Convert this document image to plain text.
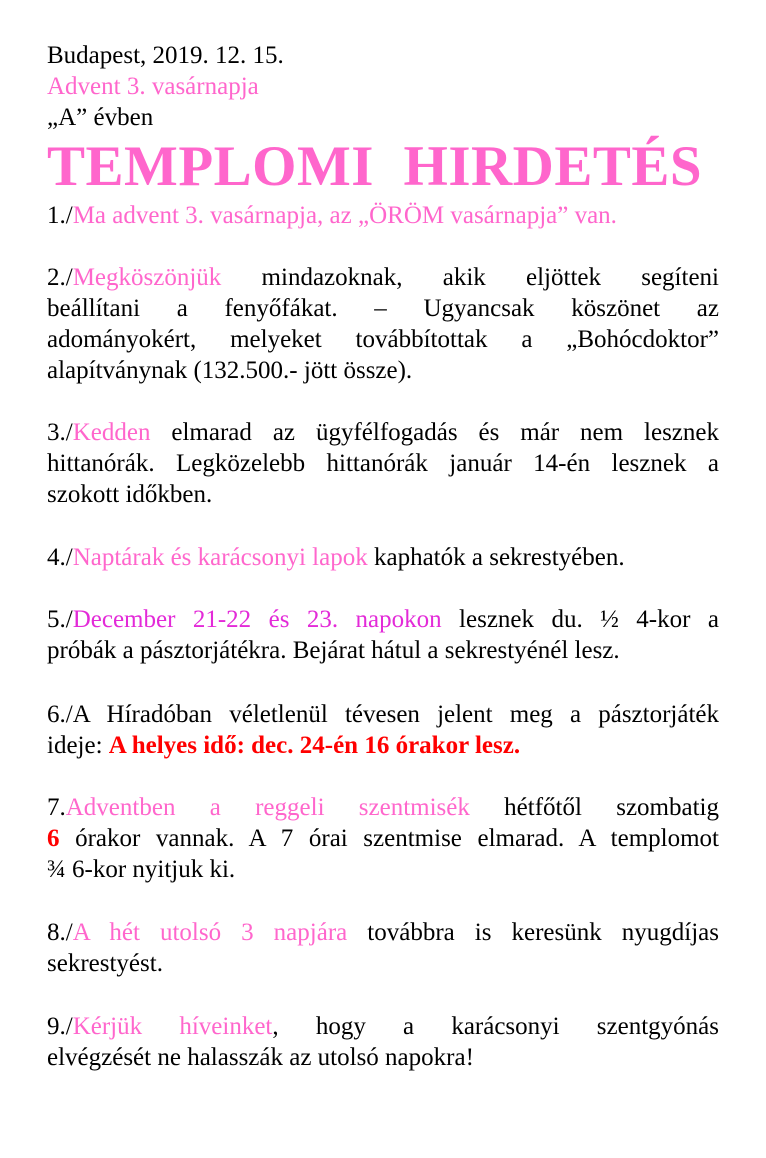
Budapest, 2019. 12. 15.
Advent 3. vasárnapja
„A” évben
TEMPLOMI HIRDETÉS
1./Ma advent 3. vasárnapja, az „ÖRÖM vasárnapja” van.
2./Megköszönjük mindazoknak, akik eljöttek segíteni
beállítani a fenyőfákat. – Ugyancsak köszönet az
adományokért, melyeket továbbítottak a „Bohócdoktor”
alapítványnak (132.500.- jött össze).
3./Kedden elmarad az ügyfélfogadás és már nem lesznek
hittanórák. Legközelebb hittanórák január 14-én lesznek a
szokott időkben.
4./Naptárak és karácsonyi lapok kaphatók a sekrestyében.
5./December 21-22 és 23. napokon lesznek du. ½ 4-kor a
próbák a pásztorjátékra. Bejárat hátul a sekrestyénél lesz.
6./A Híradóban véletlenül tévesen jelent meg a pásztorjáték
ideje: A helyes idő: dec. 24-én 16 órakor lesz.
7.Adventben a reggeli szentmisék hétfőtől szombatig
6 órakor vannak. A 7 órai szentmise elmarad. A templomot
¾ 6-kor nyitjuk ki.
8./A hét utolsó 3 napjára továbbra is keresünk nyugdíjas
sekrestyést.
9./Kérjük híveinket, hogy a karácsonyi szentgyónás
elvégzését ne halasszák az utolsó napokra!
